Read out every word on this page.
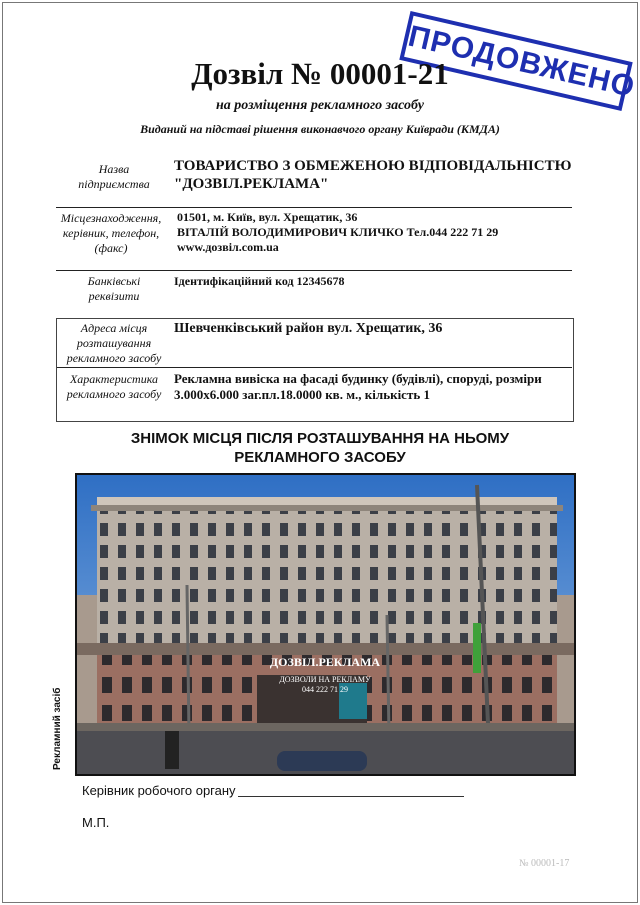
ПРОДОВЖЕНО
Дозвіл № 00001-21
на розміщення рекламного засобу
Виданий на підставі рішення виконавчого органу Київради (КМДА)
Назва
підприємства
ТОВАРИСТВО З ОБМЕЖЕНОЮ ВІДПОВІДАЛЬНІСТЮ
"ДОЗВІЛ.РЕКЛАМА"
Місцезнаходження,
керівник, телефон,
(факс)
01501, м. Київ, вул. Хрещатик, 36
ВІТАЛІЙ ВОЛОДИМИРОВИЧ КЛИЧКО Тел.044 222 71 29
www.дозвіл.com.ua
Банківські
реквізити
Ідентифікаційний код 12345678
Адреса місця
розташування
рекламного засобу
Шевченківський район вул. Хрещатик, 36
Характеристика
рекламного засобу
Рекламна вивіска на фасаді будинку (будівлі), споруді, розміри
3.000х6.000 заг.пл.18.0000 кв. м., кількість 1
ЗНІМОК МІСЦЯ ПІСЛЯ РОЗТАШУВАННЯ НА НЬОМУ
РЕКЛАМНОГО ЗАСОБУ
ДОЗВІЛ.РЕКЛАМА
ДОЗВОЛИ НА РЕКЛАМУ
044 222 71 29
Рекламний засіб
Керівник робочого органу
М.П.
№ 00001-17
